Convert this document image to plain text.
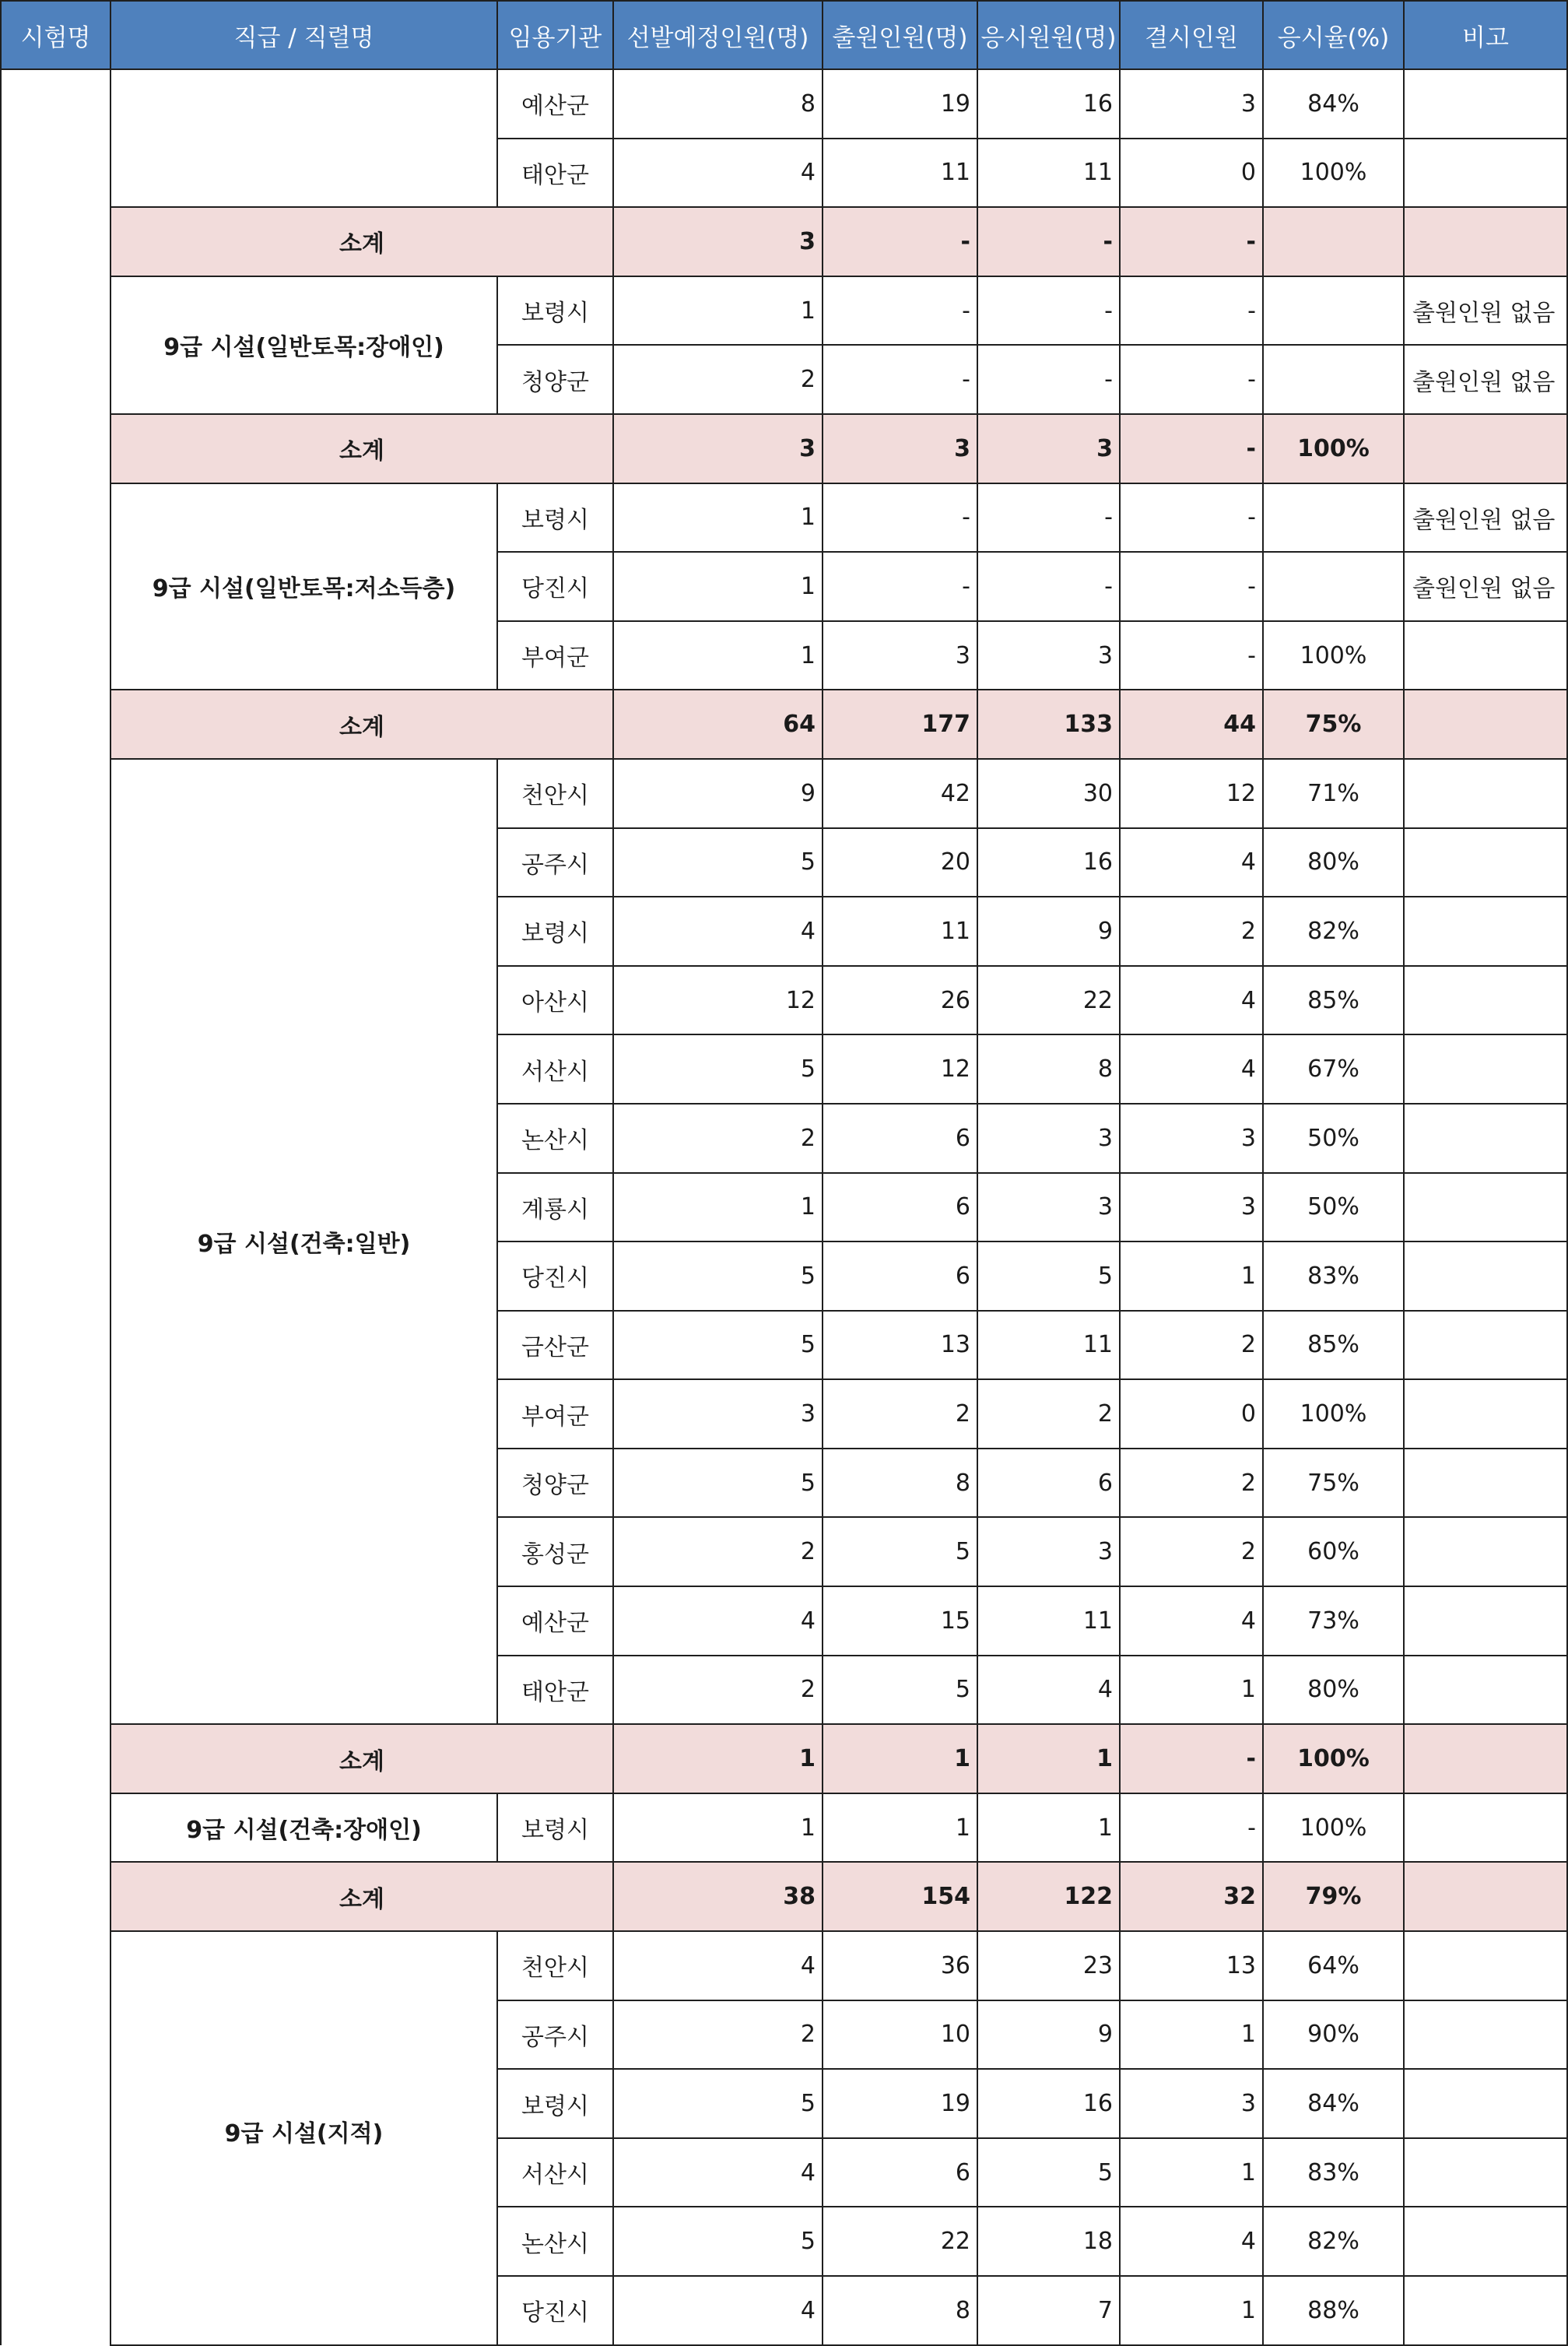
시험명	직급 / 직렬명	임용기관	선발예정인원(명)	출원인원(명)	응시원원(명)	결시인원	응시율(%)	비고
		예산군	8	19	16	3	84%	
		태안군	4	11	11	0	100%	
	소계		3	-	-	-		
	9급 시설(일반토목:장애인)	보령시	1	-	-	-		출원인원 없음
		청양군	2	-	-	-		출원인원 없음
	소계		3	3	3	-	100%	
	9급 시설(일반토목:저소득층)	보령시	1	-	-	-		출원인원 없음
		당진시	1	-	-	-		출원인원 없음
		부여군	1	3	3	-	100%	
	소계		64	177	133	44	75%	
	9급 시설(건축:일반)	천안시	9	42	30	12	71%	
		공주시	5	20	16	4	80%	
		보령시	4	11	9	2	82%	
		아산시	12	26	22	4	85%	
		서산시	5	12	8	4	67%	
		논산시	2	6	3	3	50%	
		계룡시	1	6	3	3	50%	
		당진시	5	6	5	1	83%	
		금산군	5	13	11	2	85%	
		부여군	3	2	2	0	100%	
		청양군	5	8	6	2	75%	
		홍성군	2	5	3	2	60%	
		예산군	4	15	11	4	73%	
		태안군	2	5	4	1	80%	
	소계		1	1	1	-	100%	
	9급 시설(건축:장애인)	보령시	1	1	1	-	100%	
	소계		38	154	122	32	79%	
	9급 시설(지적)	천안시	4	36	23	13	64%	
		공주시	2	10	9	1	90%	
		보령시	5	19	16	3	84%	
		서산시	4	6	5	1	83%	
		논산시	5	22	18	4	82%	
		당진시	4	8	7	1	88%	
